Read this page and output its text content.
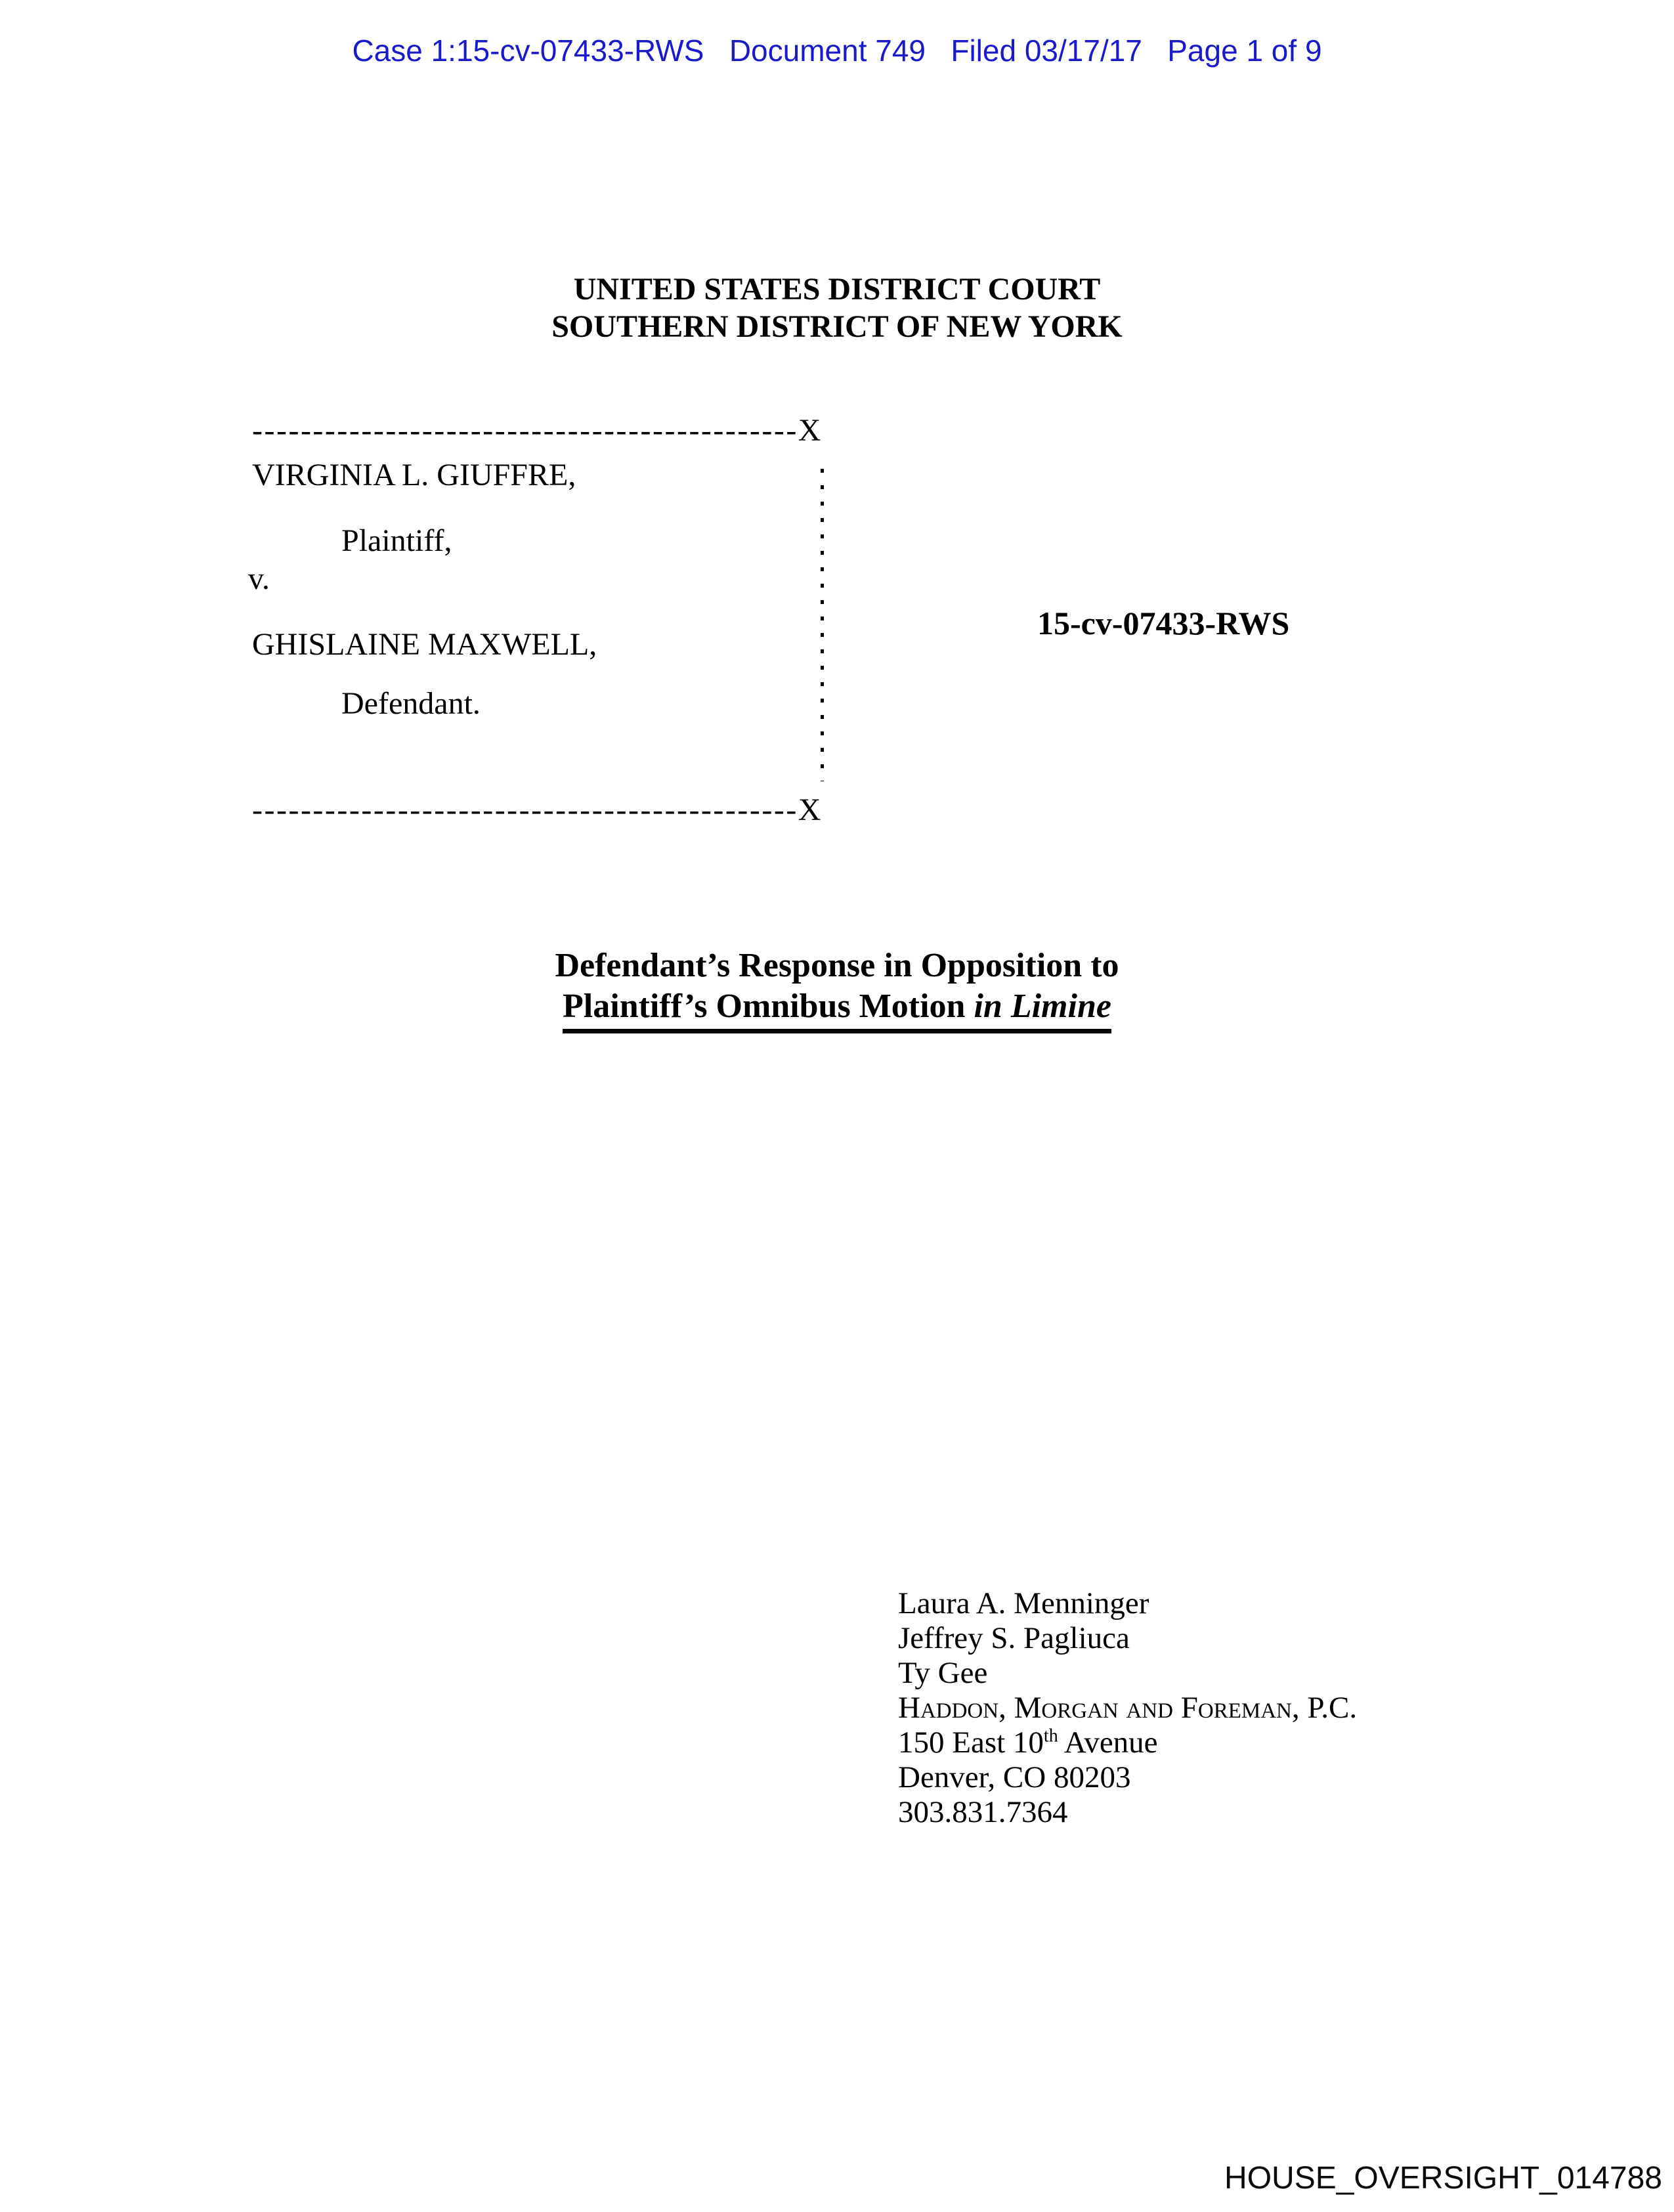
Case 1:15-cv-07433-RWS   Document 749   Filed 03/17/17   Page 1 of 9
UNITED STATES DISTRICT COURT
SOUTHERN DISTRICT OF NEW YORK
---------------------------------------------X
VIRGINIA L. GIUFFRE,
Plaintiff,
v.
GHISLAINE MAXWELL,
Defendant.
15-cv-07433-RWS
---------------------------------------------X
Defendant’s Response in Opposition to
Plaintiff’s Omnibus Motion in Limine
Laura A. Menninger
Jeffrey S. Pagliuca
Ty Gee
Haddon, Morgan and Foreman, P.C.
150 East 10th Avenue
Denver, CO 80203
303.831.7364
HOUSE_OVERSIGHT_014788
